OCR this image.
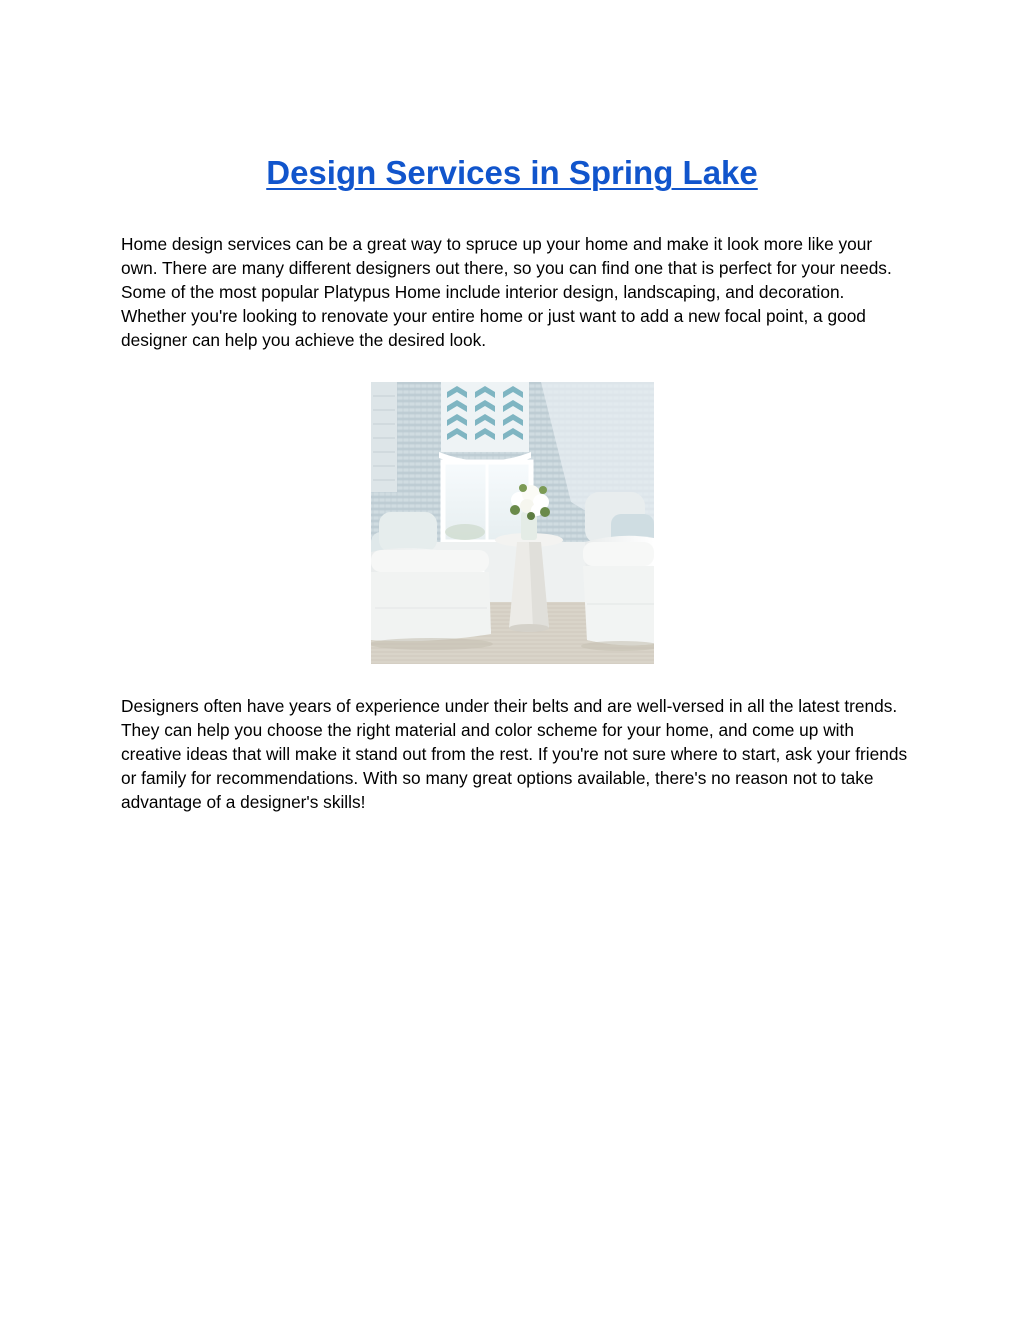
Design Services in Spring Lake

Home design services can be a great way to spruce up your home and make it look more like your own. There are many different designers out there, so you can find one that is perfect for your needs. Some of the most popular Platypus Home include interior design, landscaping, and decoration. Whether you're looking to renovate your entire home or just want to add a new focal point, a good designer can help you achieve the desired look.

Designers often have years of experience under their belts and are well-versed in all the latest trends. They can help you choose the right material and color scheme for your home, and come up with creative ideas that will make it stand out from the rest. If you're not sure where to start, ask your friends or family for recommendations. With so many great options available, there's no reason not to take advantage of a designer's skills!
